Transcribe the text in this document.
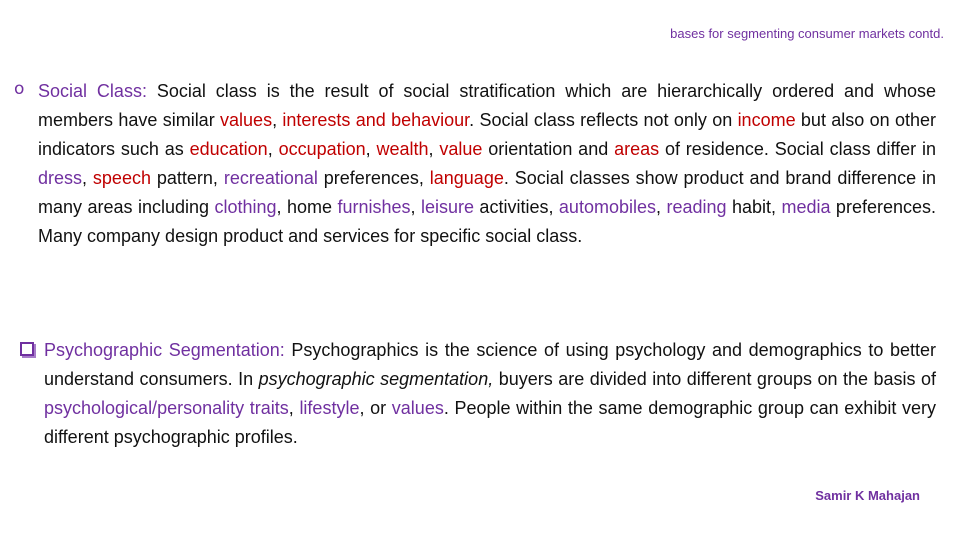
bases for segmenting consumer markets contd.
o Social Class: Social class is the result of social stratification which are hierarchically ordered and whose members have similar values, interests and behaviour. Social class reflects not only on income but also on other indicators such as education, occupation, wealth, value orientation and areas of residence. Social class differ in dress, speech pattern, recreational preferences, language. Social classes show product and brand difference in many areas including clothing, home furnishes, leisure activities, automobiles, reading habit, media preferences. Many company design product and services for specific social class.
Psychographic Segmentation: Psychographics is the science of using psychology and demographics to better understand consumers. In psychographic segmentation, buyers are divided into different groups on the basis of psychological/personality traits, lifestyle, or values. People within the same demographic group can exhibit very different psychographic profiles.
Samir K Mahajan
